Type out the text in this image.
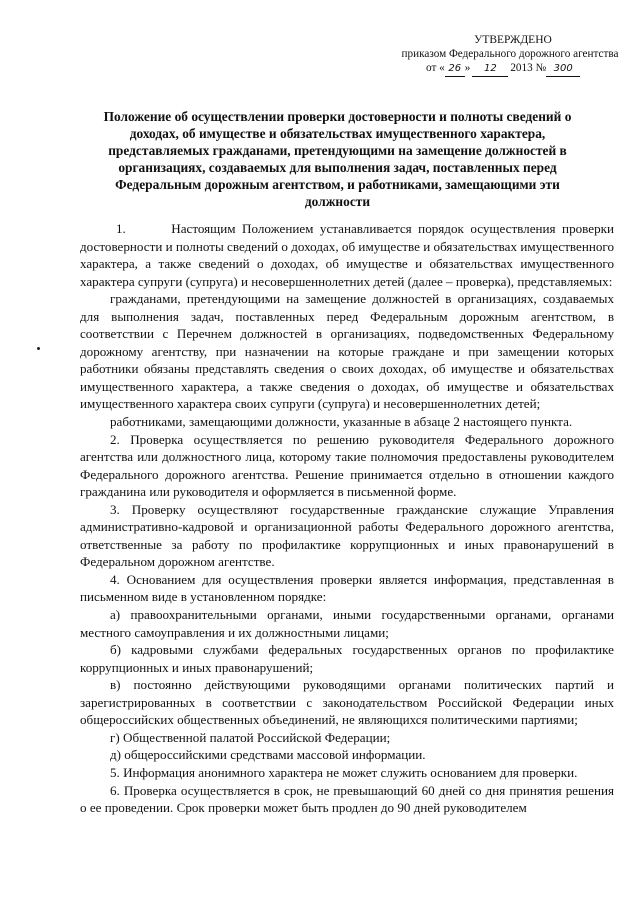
УТВЕРЖДЕНО
приказом Федерального дорожного агентства
от « 26 » 12 2013 № 300
Положение об осуществлении проверки достоверности и полноты сведений о доходах, об имуществе и обязательствах имущественного характера, представляемых гражданами, претендующими на замещение должностей в организациях, создаваемых для выполнения задач, поставленных перед Федеральным дорожным агентством, и работниками, замещающими эти должности

1.       Настоящим Положением устанавливается порядок осуществления проверки достоверности и полноты сведений о доходах, об имуществе и обязательствах имущественного характера, а также сведений о доходах, об имуществе и обязательствах имущественного характера супруги (супруга) и несовершеннолетних детей (далее – проверка), представляемых:

гражданами, претендующими на замещение должностей в организациях, создаваемых для выполнения задач, поставленных перед Федеральным дорожным агентством, в соответствии с Перечнем должностей в организациях, подведомственных Федеральному дорожному агентству, при назначении на которые граждане и при замещении которых работники обязаны представлять сведения о своих доходах, об имуществе и обязательствах имущественного характера, а также сведения о доходах, об имуществе и обязательствах имущественного характера своих супруги (супруга) и несовершеннолетних детей;

работниками, замещающими должности, указанные в абзаце 2 настоящего пункта.

2. Проверка осуществляется по решению руководителя Федерального дорожного агентства или должностного лица, которому такие полномочия предоставлены руководителем Федерального дорожного агентства. Решение принимается отдельно в отношении каждого гражданина или руководителя и оформляется в письменной форме.

3. Проверку осуществляют государственные гражданские служащие Управления административно-кадровой и организационной работы Федерального дорожного агентства, ответственные за работу по профилактике коррупционных и иных правонарушений в Федеральном дорожном агентстве.

4. Основанием для осуществления проверки является информация, представленная в письменном виде в установленном порядке:

а) правоохранительными органами, иными государственными органами, органами местного самоуправления и их должностными лицами;

б) кадровыми службами федеральных государственных органов по профилактике коррупционных и иных правонарушений;

в) постоянно действующими руководящими органами политических партий и зарегистрированных в соответствии с законодательством Российской Федерации иных общероссийских общественных объединений, не являющихся политическими партиями;

г) Общественной палатой Российской Федерации;

д) общероссийскими средствами массовой информации.

5. Информация анонимного характера не может служить основанием для проверки.

6. Проверка осуществляется в срок, не превышающий 60 дней со дня принятия решения о ее проведении. Срок проверки может быть продлен до 90 дней руководителем
